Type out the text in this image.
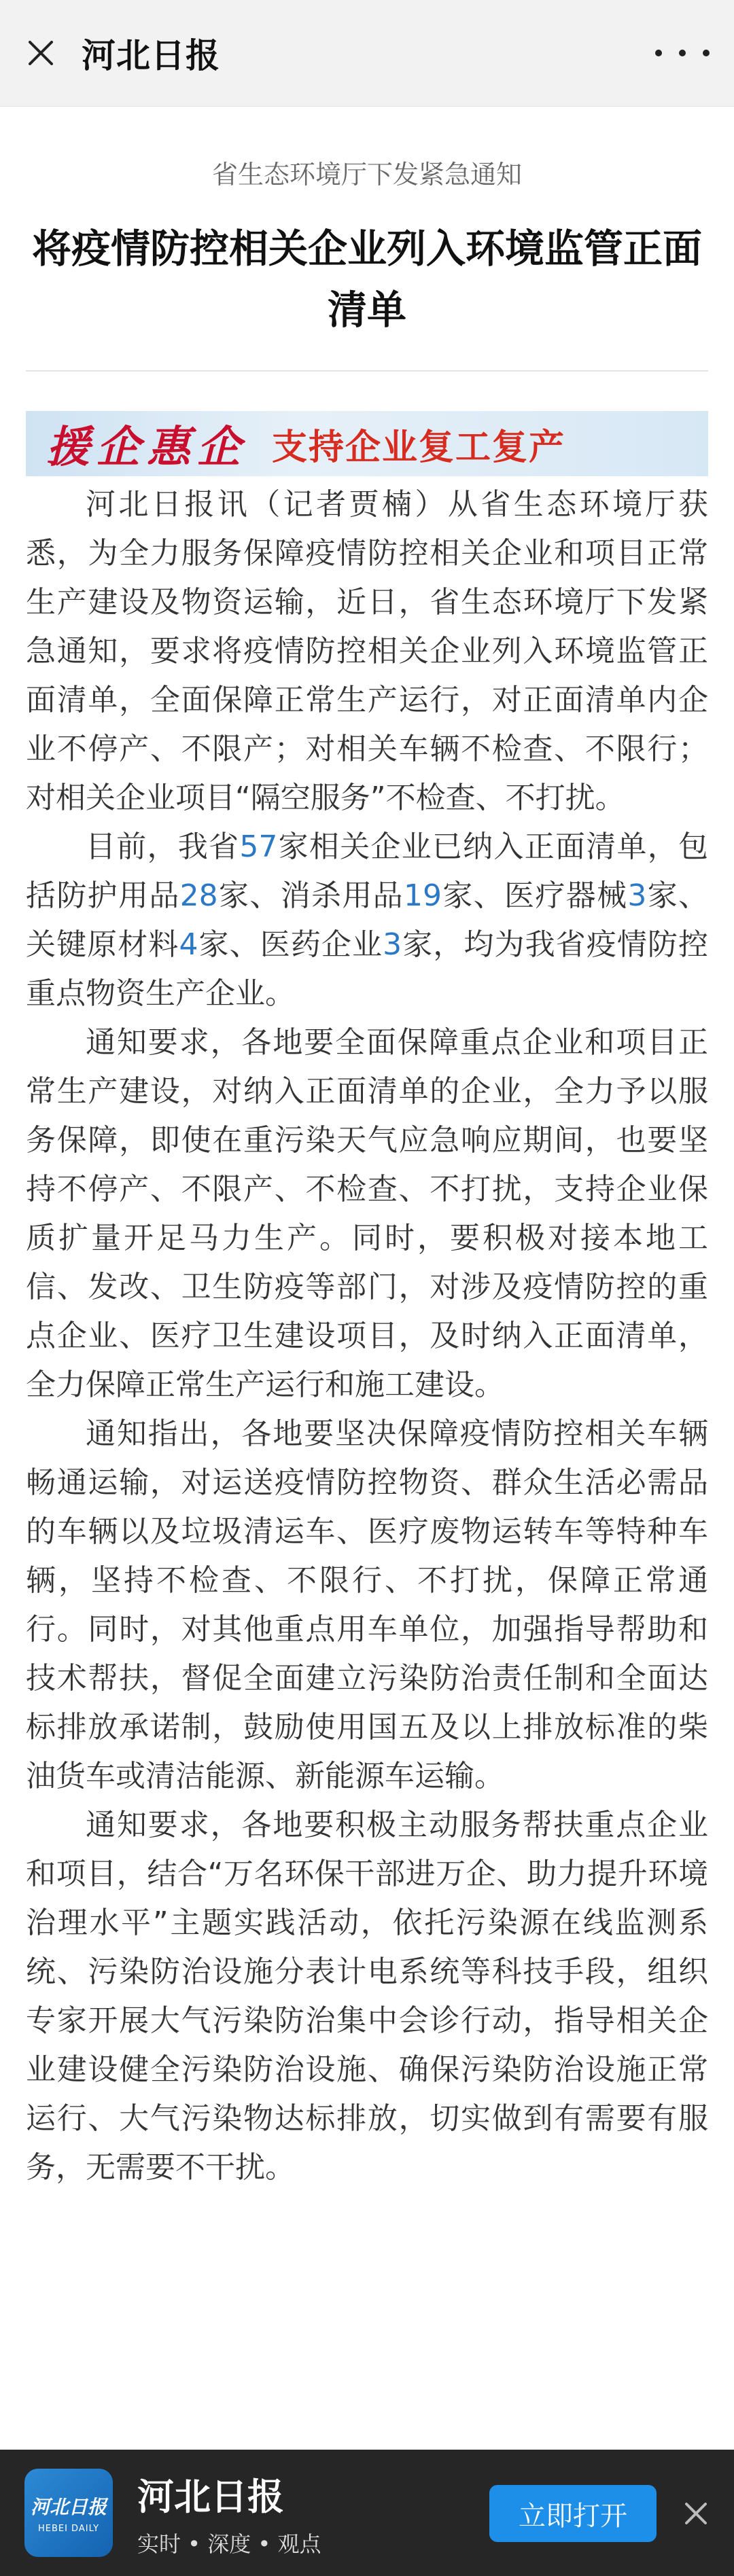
河北日报
省生态环境厅下发紧急通知
将疫情防控相关企业列入环境监管正面清单
援企惠企 支持企业复工复产

河北日报讯（记者贾楠）从省生态环境厅获悉，为全力服务保障疫情防控相关企业和项目正常生产建设及物资运输，近日，省生态环境厅下发紧急通知，要求将疫情防控相关企业列入环境监管正面清单，全面保障正常生产运行，对正面清单内企业不停产、不限产；对相关车辆不检查、不限行；对相关企业项目“隔空服务”不检查、不打扰。

目前，我省57家相关企业已纳入正面清单，包括防护用品28家、消杀用品19家、医疗器械3家、关键原材料4家、医药企业3家，均为我省疫情防控重点物资生产企业。

通知要求，各地要全面保障重点企业和项目正常生产建设，对纳入正面清单的企业，全力予以服务保障，即使在重污染天气应急响应期间，也要坚持不停产、不限产、不检查、不打扰，支持企业保质扩量开足马力生产。同时，要积极对接本地工信、发改、卫生防疫等部门，对涉及疫情防控的重点企业、医疗卫生建设项目，及时纳入正面清单，全力保障正常生产运行和施工建设。

通知指出，各地要坚决保障疫情防控相关车辆畅通运输，对运送疫情防控物资、群众生活必需品的车辆以及垃圾清运车、医疗废物运转车等特种车辆，坚持不检查、不限行、不打扰，保障正常通行。同时，对其他重点用车单位，加强指导帮助和技术帮扶，督促全面建立污染防治责任制和全面达标排放承诺制，鼓励使用国五及以上排放标准的柴油货车或清洁能源、新能源车运输。

通知要求，各地要积极主动服务帮扶重点企业和项目，结合“万名环保干部进万企、助力提升环境治理水平”主题实践活动，依托污染源在线监测系统、污染防治设施分表计电系统等科技手段，组织专家开展大气污染防治集中会诊行动，指导相关企业建设健全污染防治设施、确保污染防治设施正常运行、大气污染物达标排放，切实做到有需要有服务，无需要不干扰。

河北日报
HEBEI DAILY
河北日报
实时 • 深度 • 观点
立即打开
